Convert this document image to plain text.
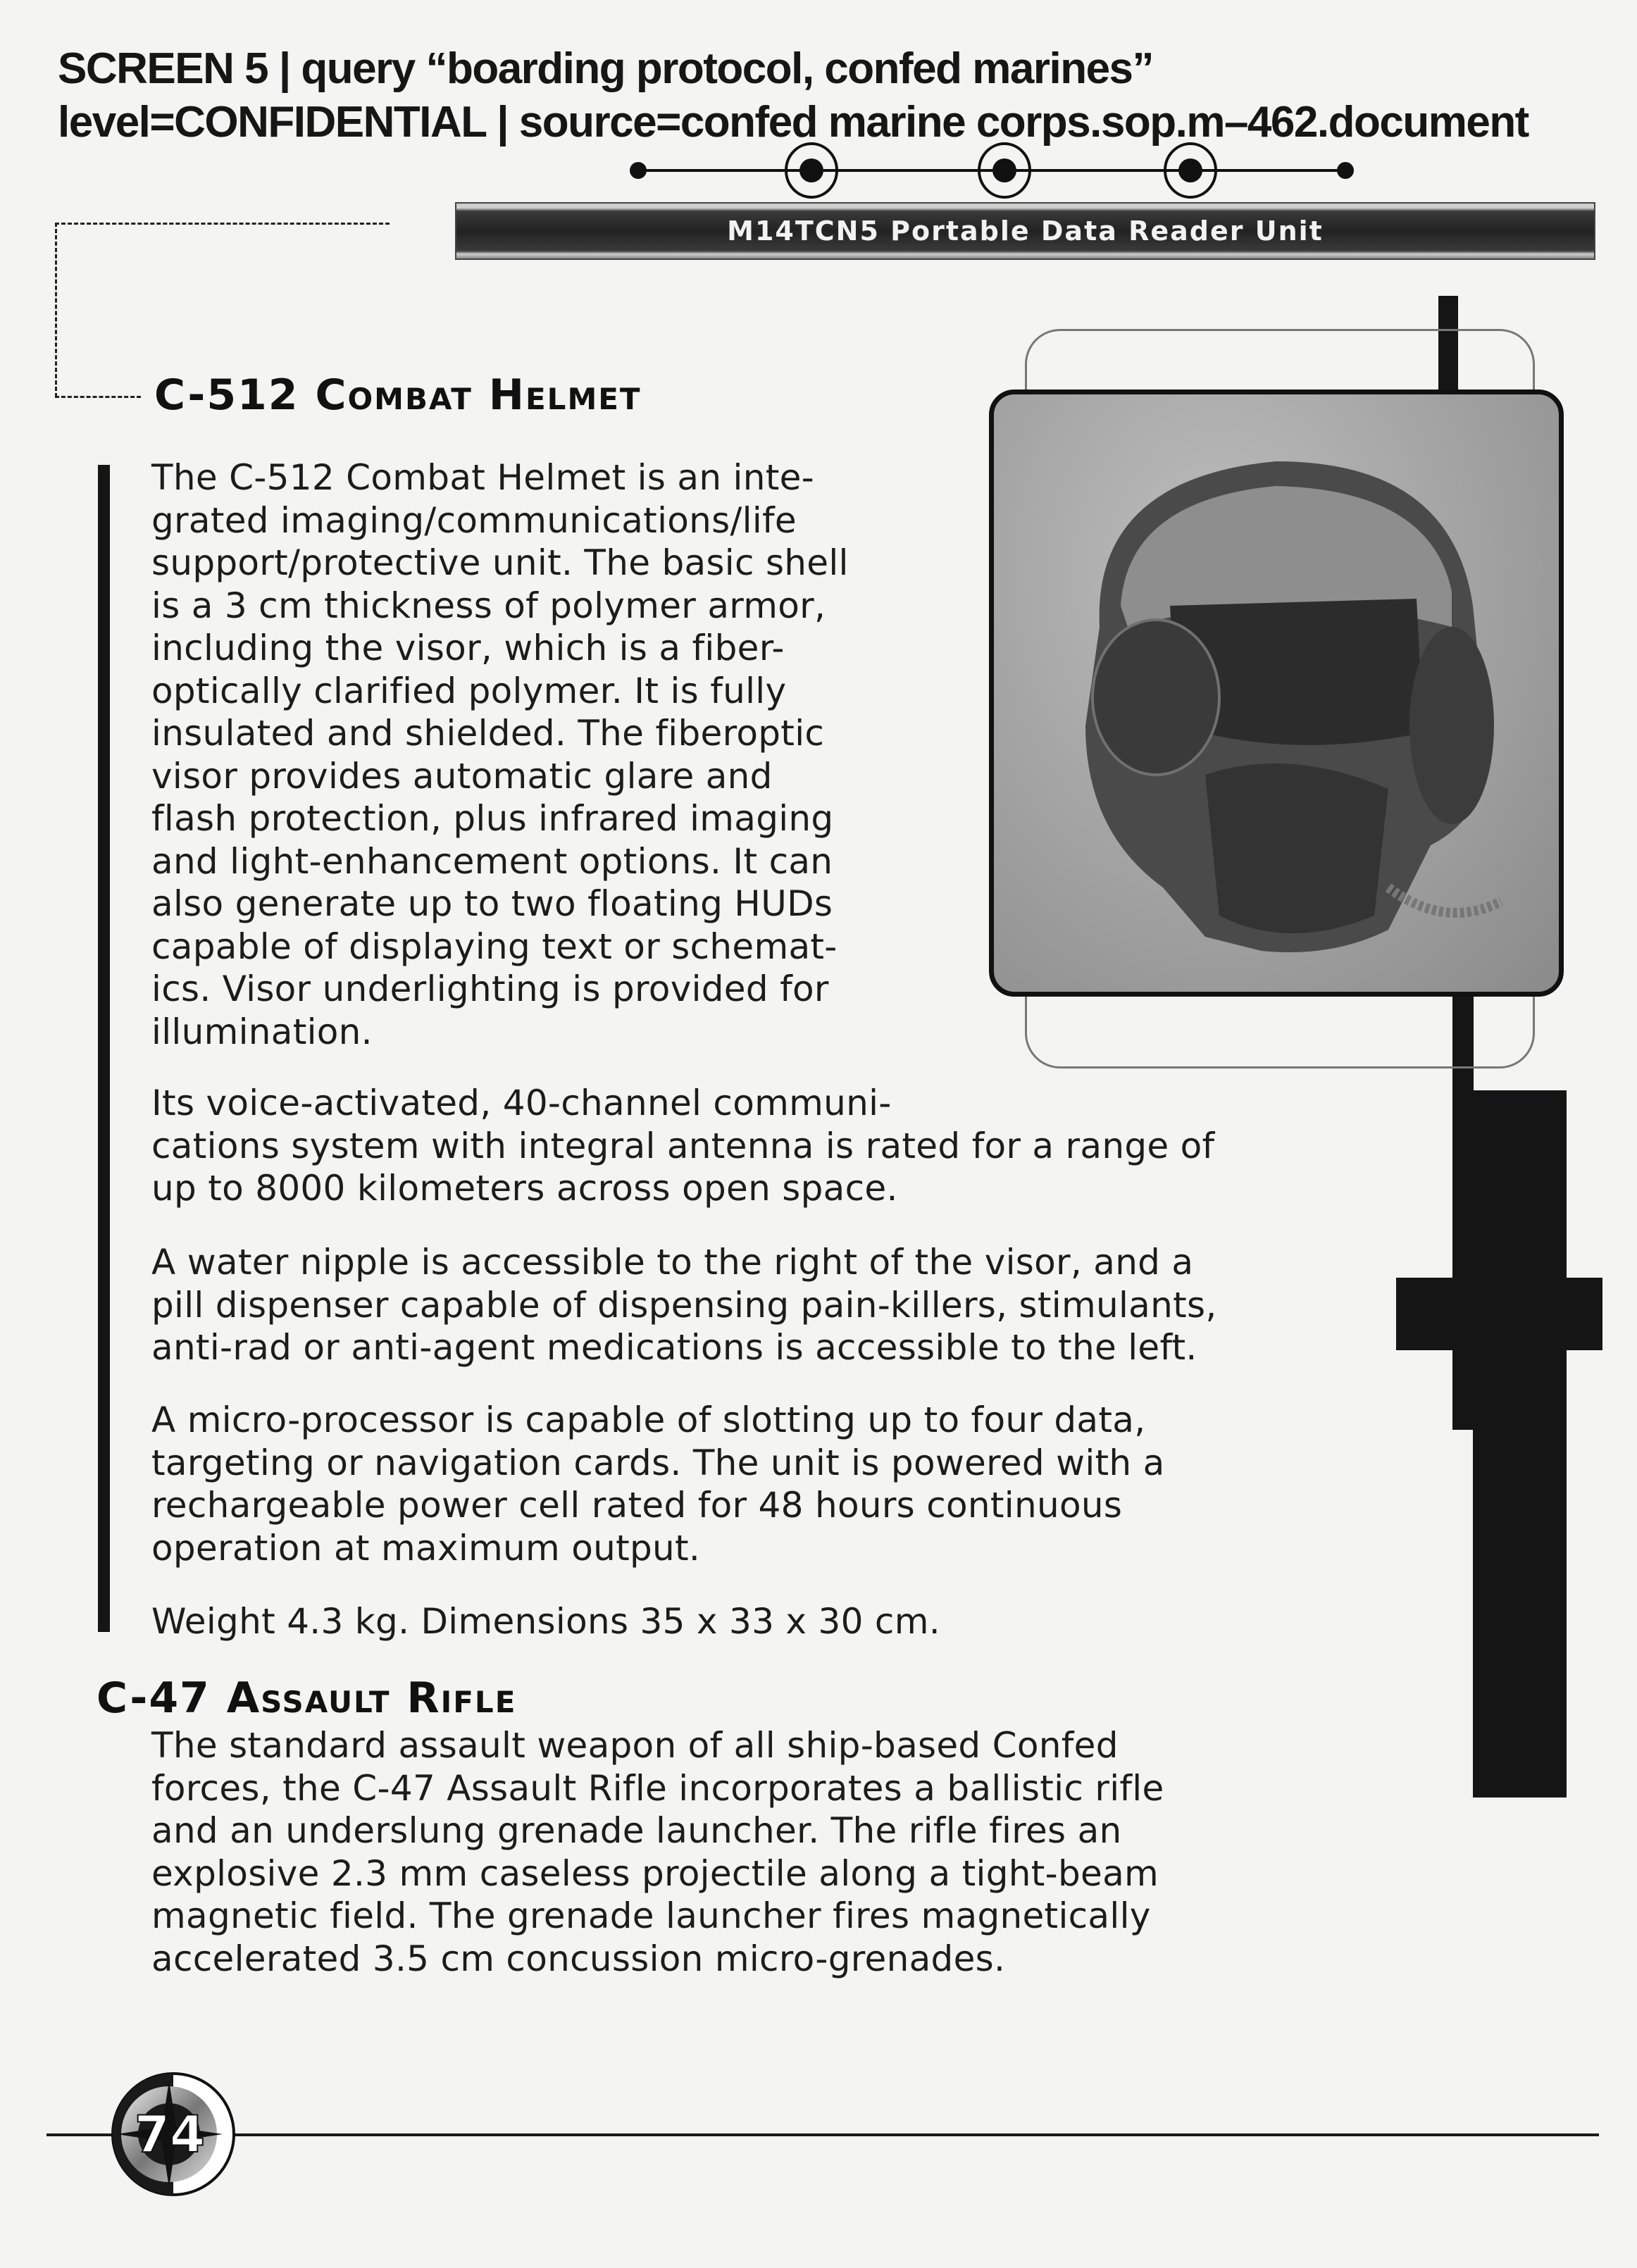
SCREEN 5 | query “boarding protocol, confed marines”
level=CONFIDENTIAL | source=confed marine corps.sop.m–462.document
M14TCN5 Portable Data Reader Unit
C-512 Combat Helmet
The C-512 Combat Helmet is an inte-
grated imaging/communications/life
support/protective unit. The basic shell
is a 3 cm thickness of polymer armor,
including the visor, which is a fiber-
optically clarified polymer. It is fully
insulated and shielded. The fiberoptic
visor provides automatic glare and
flash protection, plus infrared imaging
and light-enhancement options. It can
also generate up to two floating HUDs
capable of displaying text or schemat-
ics. Visor underlighting is provided for
illumination.
Its voice-activated, 40-channel communi-
cations system with integral antenna is rated for a range of
up to 8000 kilometers across open space.
A water nipple is accessible to the right of the visor, and a
pill dispenser capable of dispensing pain-killers, stimulants,
anti-rad or anti-agent medications is accessible to the left.
A micro-processor is capable of slotting up to four data,
targeting or navigation cards. The unit is powered with a
rechargeable power cell rated for 48 hours continuous
operation at maximum output.
Weight 4.3 kg. Dimensions 35 x 33 x 30 cm.
C-47 Assault Rifle
The standard assault weapon of all ship-based Confed
forces, the C-47 Assault Rifle incorporates a ballistic rifle
and an underslung grenade launcher. The rifle fires an
explosive 2.3 mm caseless projectile along a tight-beam
magnetic field. The grenade launcher fires magnetically
accelerated 3.5 cm concussion micro-grenades.
74
